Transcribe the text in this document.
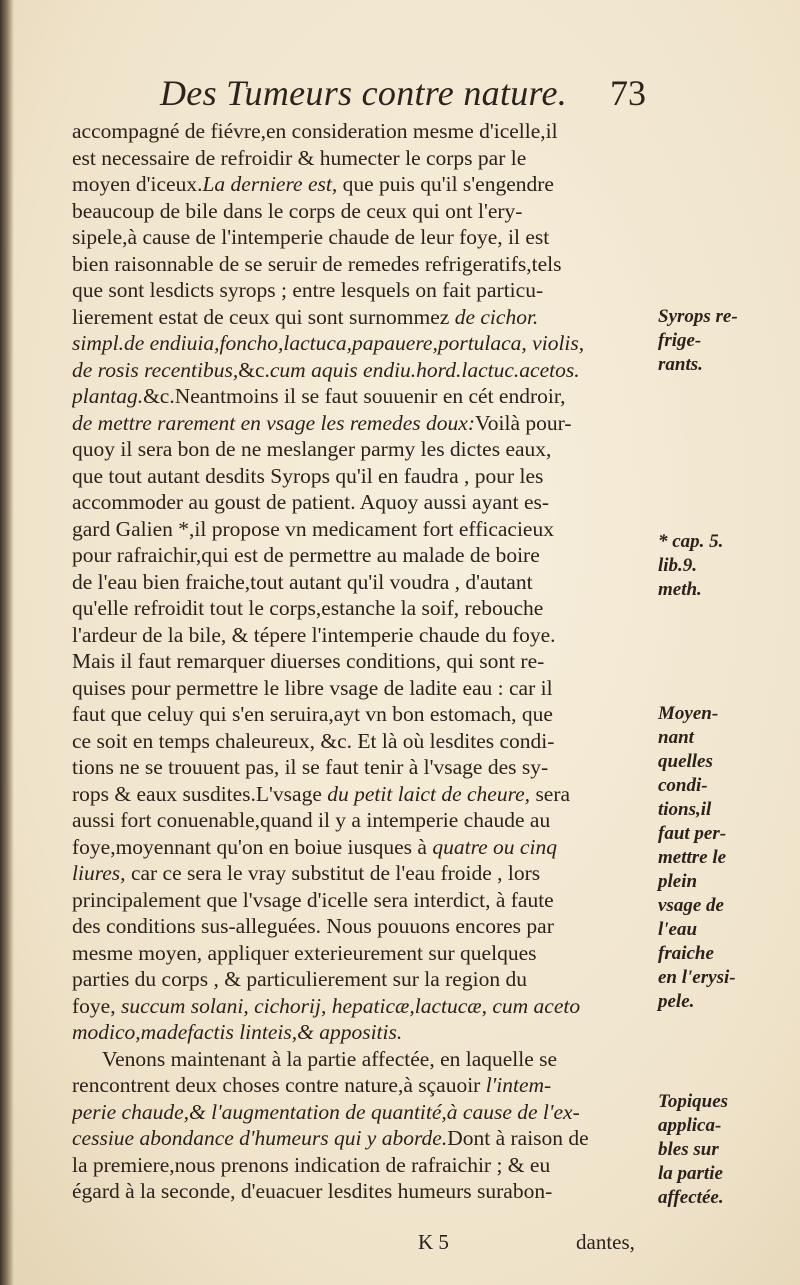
Des Tumeurs contre nature. 73
accompagné de fiévre,en consideration mesme d'icelle,il
est necessaire de refroidir & humecter le corps par le
moyen d'iceux.La derniere est, que puis qu'il s'engendre
beaucoup de bile dans le corps de ceux qui ont l'ery-
sipele,à cause de l'intemperie chaude de leur foye, il est
bien raisonnable de se seruir de remedes refrigeratifs,tels
que sont lesdicts syrops ; entre lesquels on fait particu-
lierement estat de ceux qui sont surnommez de cichor.
simpl.de endiuia,foncho,lactuca,papauere,portulaca, violis,
de rosis recentibus,&c.cum aquis endiu.hord.lactuc.acetos.
plantag.&c.Neantmoins il se faut souuenir en cét endroir,
de mettre rarement en vsage les remedes doux:Voilà pour-
quoy il sera bon de ne meslanger parmy les dictes eaux,
que tout autant desdits Syrops qu'il en faudra , pour les
accommoder au goust de patient. Aquoy aussi ayant es-
gard Galien *,il propose vn medicament fort efficacieux
pour rafraichir,qui est de permettre au malade de boire
de l'eau bien fraiche,tout autant qu'il voudra , d'autant
qu'elle refroidit tout le corps,estanche la soif, rebouche
l'ardeur de la bile, & tépere l'intemperie chaude du foye.
Mais il faut remarquer diuerses conditions, qui sont re-
quises pour permettre le libre vsage de ladite eau : car il
faut que celuy qui s'en seruira,ayt vn bon estomach, que
ce soit en temps chaleureux, &c. Et là où lesdites condi-
tions ne se trouuent pas, il se faut tenir à l'vsage des sy-
rops & eaux susdites.L'vsage du petit laict de cheure, sera
aussi fort conuenable,quand il y a intemperie chaude au
foye,moyennant qu'on en boiue iusques à quatre ou cinq
liures, car ce sera le vray substitut de l'eau froide , lors
principalement que l'vsage d'icelle sera interdict, à faute
des conditions sus-alleguées. Nous pouuons encores par
mesme moyen, appliquer exterieurement sur quelques
parties du corps , & particulierement sur la region du
foye, succum solani, cichorij, hepaticæ,lactucæ, cum aceto
modico,madefactis linteis,& appositis.
Venons maintenant à la partie affectée, en laquelle se
rencontrent deux choses contre nature,à sçauoir l'intem-
perie chaude,& l'augmentation de quantité,à cause de l'ex-
cessiue abondance d'humeurs qui y aborde.Dont à raison de
la premiere,nous prenons indication de rafraichir ; & eu
égard à la seconde, d'euacuer lesdites humeurs surabon-
Syrops re-
frige-
rants.
* cap. 5.
lib.9.
meth.
Moyen-
nant
quelles
condi-
tions,il
faut per-
mettre le
plein
vsage de
l'eau
fraiche
en l'erysi-
pele.
Topiques
applica-
bles sur
la partie
affectée.
K 5	dantes,
